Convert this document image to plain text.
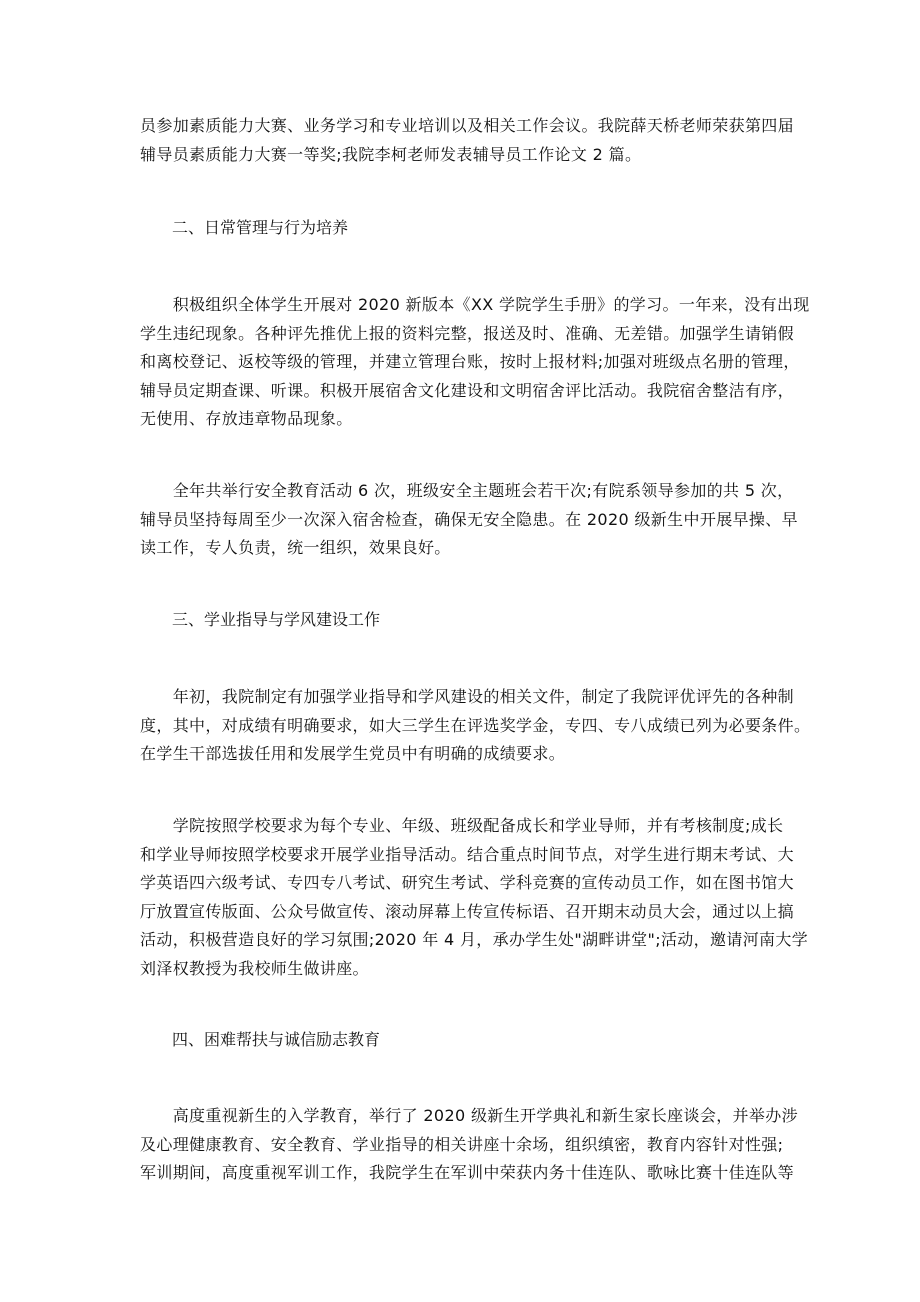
员参加素质能力大赛、业务学习和专业培训以及相关工作会议。我院薛天桥老师荣获第四届
辅导员素质能力大赛一等奖;我院李柯老师发表辅导员工作论文 2 篇。

二、日常管理与行为培养

　　积极组织全体学生开展对 2020 新版本《XX 学院学生手册》的学习。一年来，没有出现
学生违纪现象。各种评先推优上报的资料完整，报送及时、准确、无差错。加强学生请销假
和离校登记、返校等级的管理，并建立管理台账，按时上报材料;加强对班级点名册的管理，
辅导员定期查课、听课。积极开展宿舍文化建设和文明宿舍评比活动。我院宿舍整洁有序，
无使用、存放违章物品现象。

　　全年共举行安全教育活动 6 次，班级安全主题班会若干次;有院系领导参加的共 5 次，
辅导员坚持每周至少一次深入宿舍检查，确保无安全隐患。在 2020 级新生中开展早操、早
读工作，专人负责，统一组织，效果良好。

三、学业指导与学风建设工作

　　年初，我院制定有加强学业指导和学风建设的相关文件，制定了我院评优评先的各种制
度，其中，对成绩有明确要求，如大三学生在评选奖学金，专四、专八成绩已列为必要条件。
在学生干部选拔任用和发展学生党员中有明确的成绩要求。

　　学院按照学校要求为每个专业、年级、班级配备成长和学业导师，并有考核制度;成长
和学业导师按照学校要求开展学业指导活动。结合重点时间节点，对学生进行期末考试、大
学英语四六级考试、专四专八考试、研究生考试、学科竞赛的宣传动员工作，如在图书馆大
厅放置宣传版面、公众号做宣传、滚动屏幕上传宣传标语、召开期末动员大会，通过以上搞
活动，积极营造良好的学习氛围;2020 年 4 月，承办学生处"湖畔讲堂";活动，邀请河南大学
刘泽权教授为我校师生做讲座。

四、困难帮扶与诚信励志教育

　　高度重视新生的入学教育，举行了 2020 级新生开学典礼和新生家长座谈会，并举办涉
及心理健康教育、安全教育、学业指导的相关讲座十余场，组织缜密，教育内容针对性强;
军训期间，高度重视军训工作，我院学生在军训中荣获内务十佳连队、歌咏比赛十佳连队等
